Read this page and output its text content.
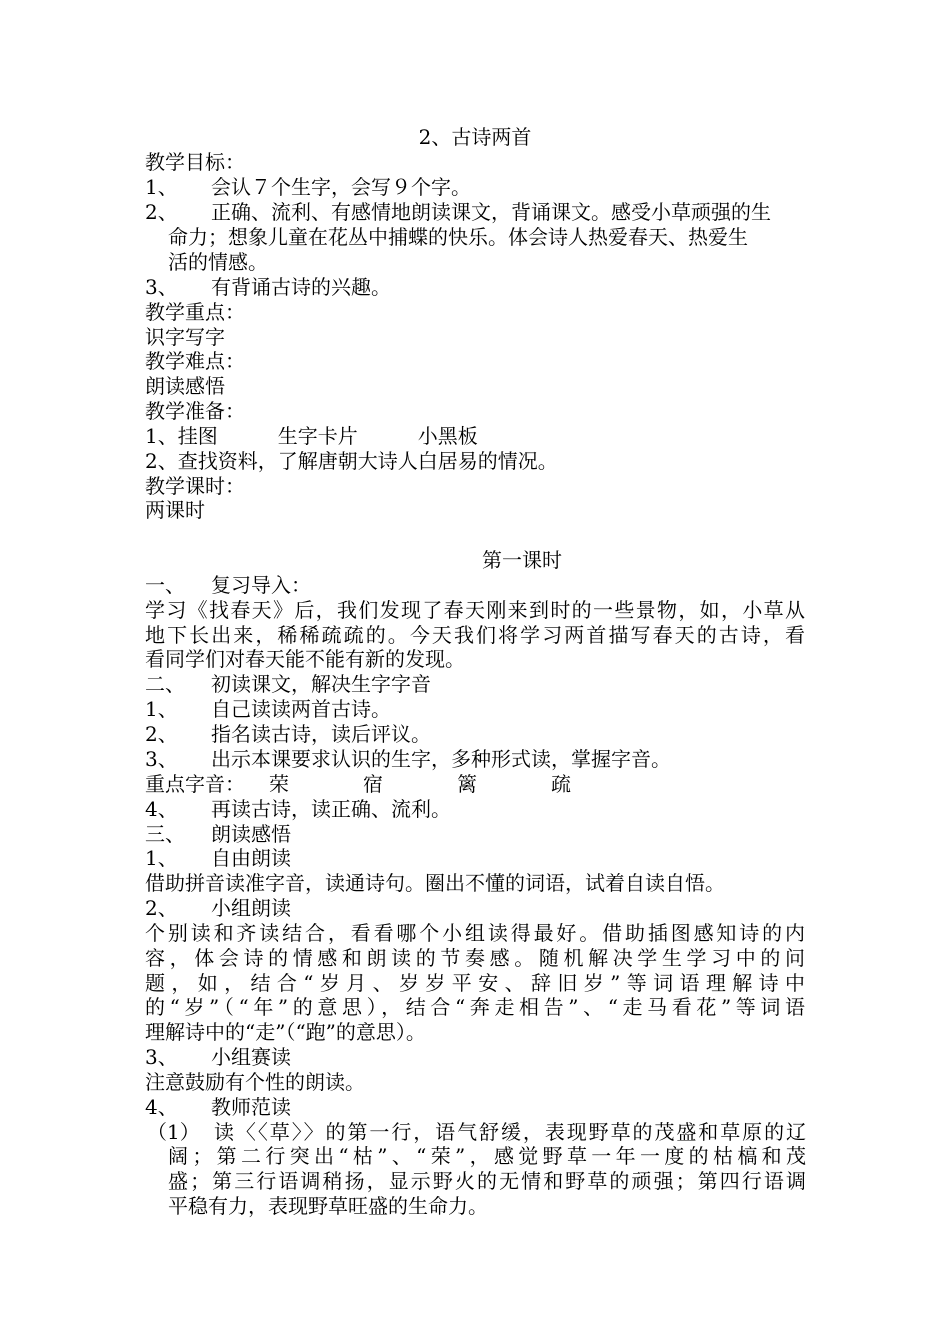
2、古诗两首
教学目标：
1、 会认７个生字，会写９个字。
2、 正确、流利、有感情地朗读课文，背诵课文。感受小草顽强的生
命力；想象儿童在花丛中捕蝶的快乐。体会诗人热爱春天、热爱生
活的情感。
3、 有背诵古诗的兴趣。
教学重点：
识字写字
教学难点：
朗读感悟
教学准备：
1、挂图	生字卡片	小黑板
2、查找资料，了解唐朝大诗人白居易的情况。
教学课时：
两课时
第一课时
一、 复习导入：
学习《找春天》后，我们发现了春天刚来到时的一些景物，如，小草从
地下长出来，稀稀疏疏的。今天我们将学习两首描写春天的古诗，看
看同学们对春天能不能有新的发现。
二、 初读课文，解决生字字音
1、 自己读读两首古诗。
2、 指名读古诗，读后评议。
3、 出示本课要求认识的生字，多种形式读，掌握字音。
重点字音： 荣	宿	篱	疏
4、 再读古诗，读正确、流利。
三、 朗读感悟
1、 自由朗读
借助拼音读准字音，读通诗句。圈出不懂的词语，试着自读自悟。
2、 小组朗读
个别读和齐读结合，看看哪个小组读得最好。借助插图感知诗的内
容，体会诗的情感和朗读的节奏感。随机解决学生学习中的问
题，如，结合“岁月、岁岁平安、辞旧岁”等词语理解诗中
的“岁”（“年”的意思），结合“奔走相告”、“走马看花”等词语
理解诗中的“走”（“跑”的意思）。
3、 小组赛读
注意鼓励有个性的朗读。
4、 教师范读
（1） 读〈〈草〉〉的第一行，语气舒缓，表现野草的茂盛和草原的辽
阔；第二行突出“枯”、“荣”，感觉野草一年一度的枯槁和茂
盛；第三行语调稍扬，显示野火的无情和野草的顽强；第四行语调
平稳有力，表现野草旺盛的生命力。
